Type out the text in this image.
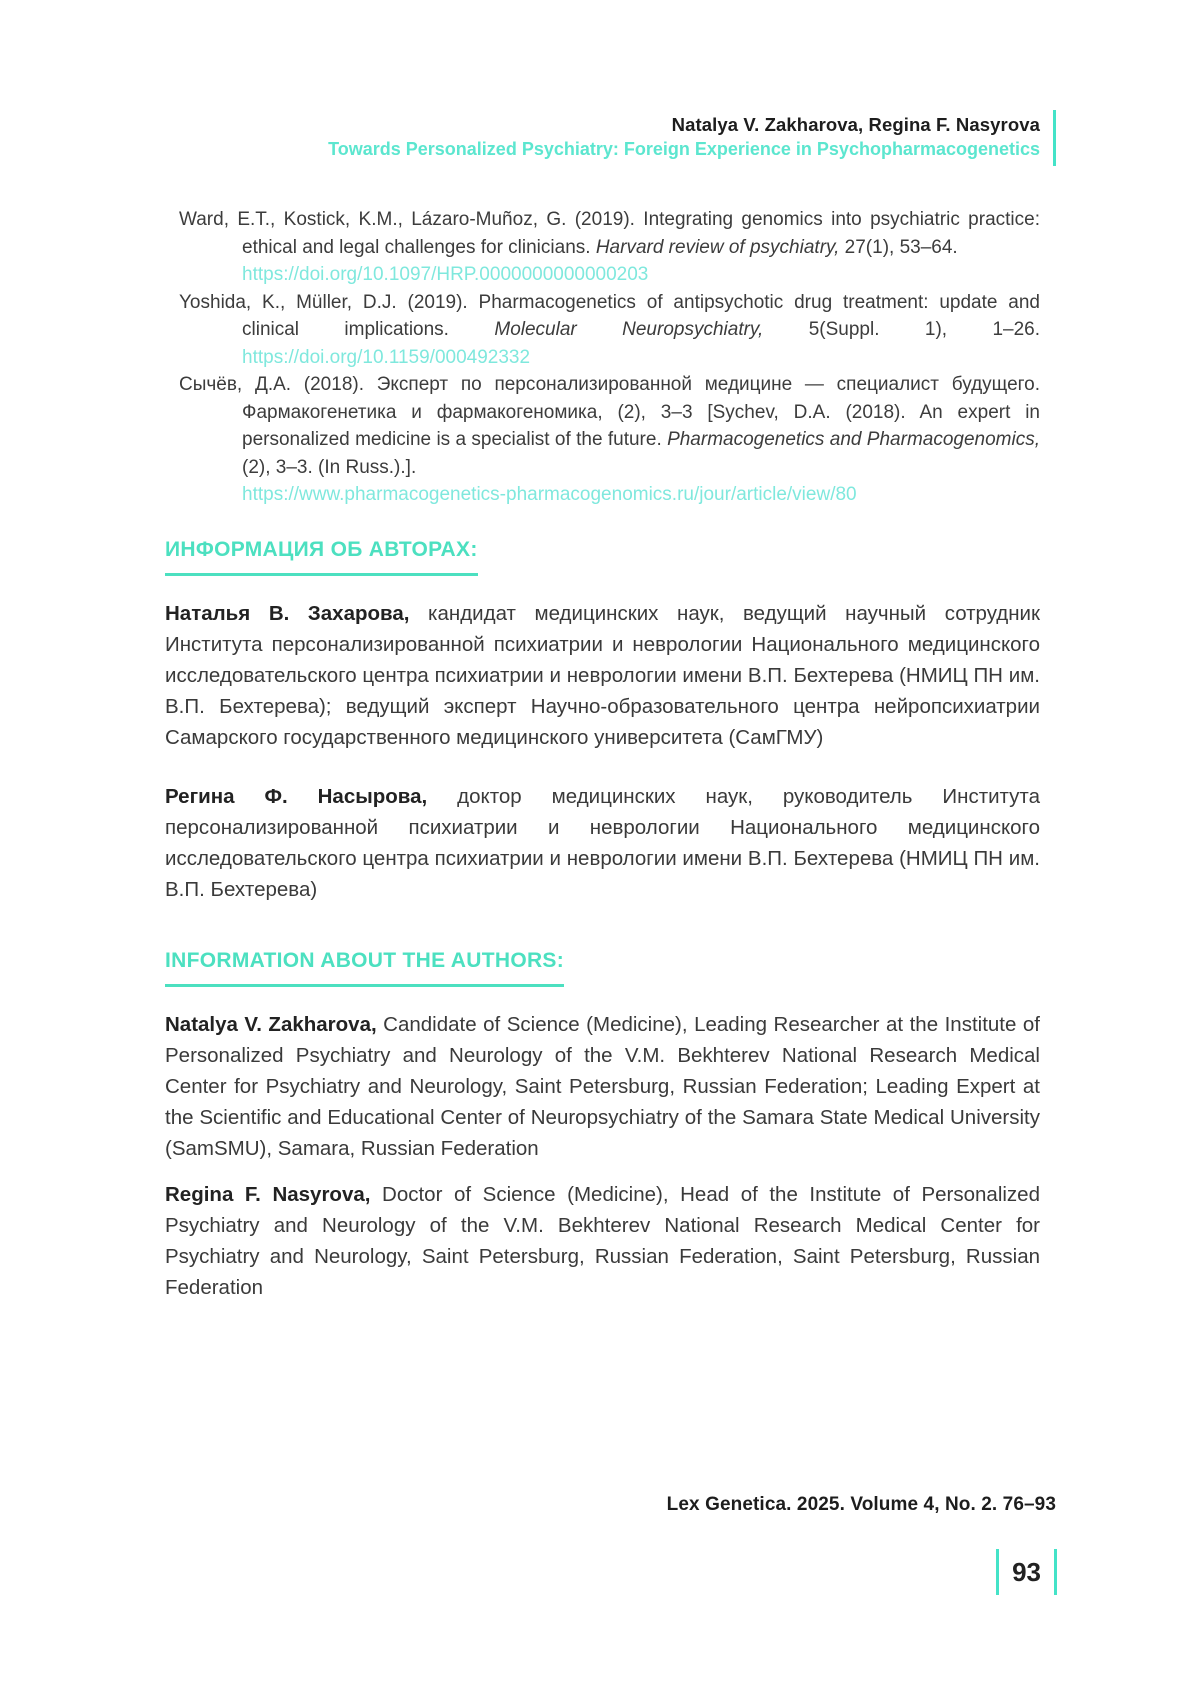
Natalya V. Zakharova, Regina F. Nasyrova
Towards Personalized Psychiatry: Foreign Experience in Psychopharmacogenetics

Ward, E.T., Kostick, K.M., Lázaro-Muñoz, G. (2019). Integrating genomics into psychiatric practice: ethical and legal challenges for clinicians. Harvard review of psychiatry, 27(1), 53–64.
https://doi.org/10.1097/HRP.0000000000000203

Yoshida, K., Müller, D.J. (2019). Pharmacogenetics of antipsychotic drug treatment: update and clinical implications. Molecular Neuropsychiatry, 5(Suppl. 1), 1–26. https://doi.org/10.1159/000492332

Сычёв, Д.А. (2018). Эксперт по персонализированной медицине — специалист будущего. Фармакогенетика и фармакогеномика, (2), 3–3 [Sychev, D.A. (2018). An expert in personalized medicine is a specialist of the future. Pharmacogenetics and Pharmacogenomics, (2), 3–3. (In Russ.).].
https://www.pharmacogenetics-pharmacogenomics.ru/jour/article/view/80

ИНФОРМАЦИЯ ОБ АВТОРАХ:

Наталья В. Захарова, кандидат медицинских наук, ведущий научный сотрудник Института персонализированной психиатрии и неврологии Национального медицинского исследовательского центра психиатрии и неврологии имени В.П. Бехтерева (НМИЦ ПН им. В.П. Бехтерева); ведущий эксперт Научно-образовательного центра нейропсихиатрии Самарского государственного медицинского университета (СамГМУ)

Регина Ф. Насырова, доктор медицинских наук, руководитель Института персонализированной психиатрии и неврологии Национального медицинского исследовательского центра психиатрии и неврологии имени В.П. Бехтерева (НМИЦ ПН им. В.П. Бехтерева)

INFORMATION ABOUT THE AUTHORS:

Natalya V. Zakharova, Candidate of Science (Medicine), Leading Researcher at the Institute of Personalized Psychiatry and Neurology of the V.M. Bekhterev National Research Medical Center for Psychiatry and Neurology, Saint Petersburg, Russian Federation; Leading Expert at the Scientific and Educational Center of Neuropsychiatry of the Samara State Medical University (SamSMU), Samara, Russian Federation

Regina F. Nasyrova, Doctor of Science (Medicine), Head of the Institute of Personalized Psychiatry and Neurology of the V.M. Bekhterev National Research Medical Center for Psychiatry and Neurology, Saint Petersburg, Russian Federation, Saint Petersburg, Russian Federation

Lex Genetica. 2025. Volume 4, No. 2. 76–93
93
